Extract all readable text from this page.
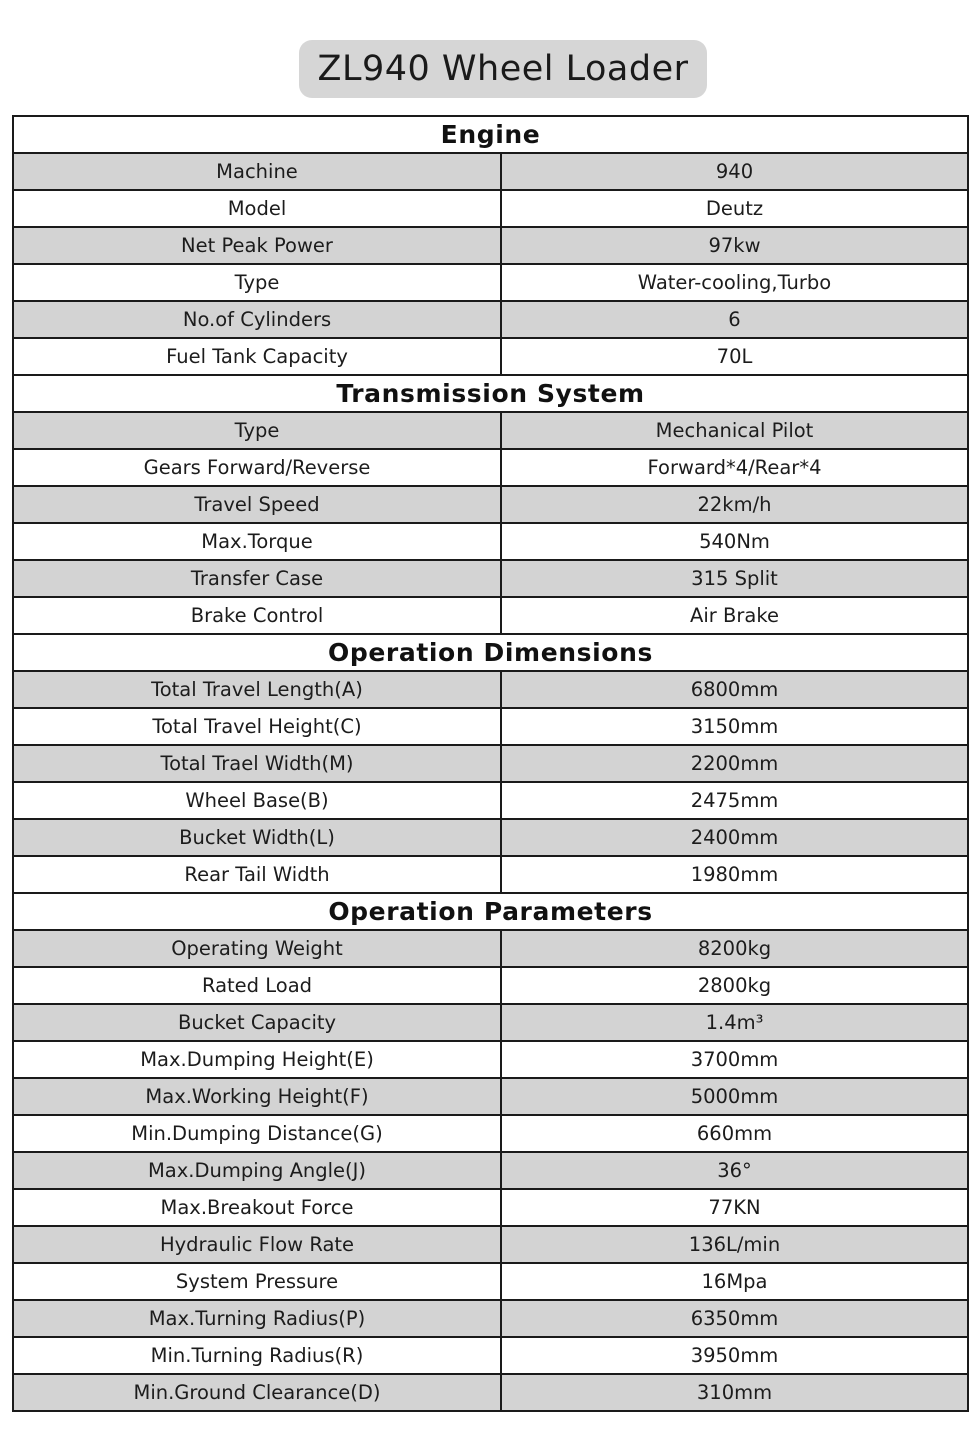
ZL940 Wheel Loader
Engine	
Machine	940
Model	Deutz
Net Peak Power	97kw
Type	Water-cooling,Turbo
No.of Cylinders	6
Fuel Tank Capacity	70L
Transmission System	
Type	Mechanical Pilot
Gears Forward/Reverse	Forward*4/Rear*4
Travel Speed	22km/h
Max.Torque	540Nm
Transfer Case	315 Split
Brake Control	Air Brake
Operation Dimensions	
Total Travel Length(A)	6800mm
Total Travel Height(C)	3150mm
Total Trael Width(M)	2200mm
Wheel Base(B)	2475mm
Bucket Width(L)	2400mm
Rear Tail Width	1980mm
Operation Parameters	
Operating Weight	8200kg
Rated Load	2800kg
Bucket Capacity	1.4m³
Max.Dumping Height(E)	3700mm
Max.Working Height(F)	5000mm
Min.Dumping Distance(G)	660mm
Max.Dumping Angle(J)	36°
Max.Breakout Force	77KN
Hydraulic Flow Rate	136L/min
System Pressure	16Mpa
Max.Turning Radius(P)	6350mm
Min.Turning Radius(R)	3950mm
Min.Ground Clearance(D)	310mm
